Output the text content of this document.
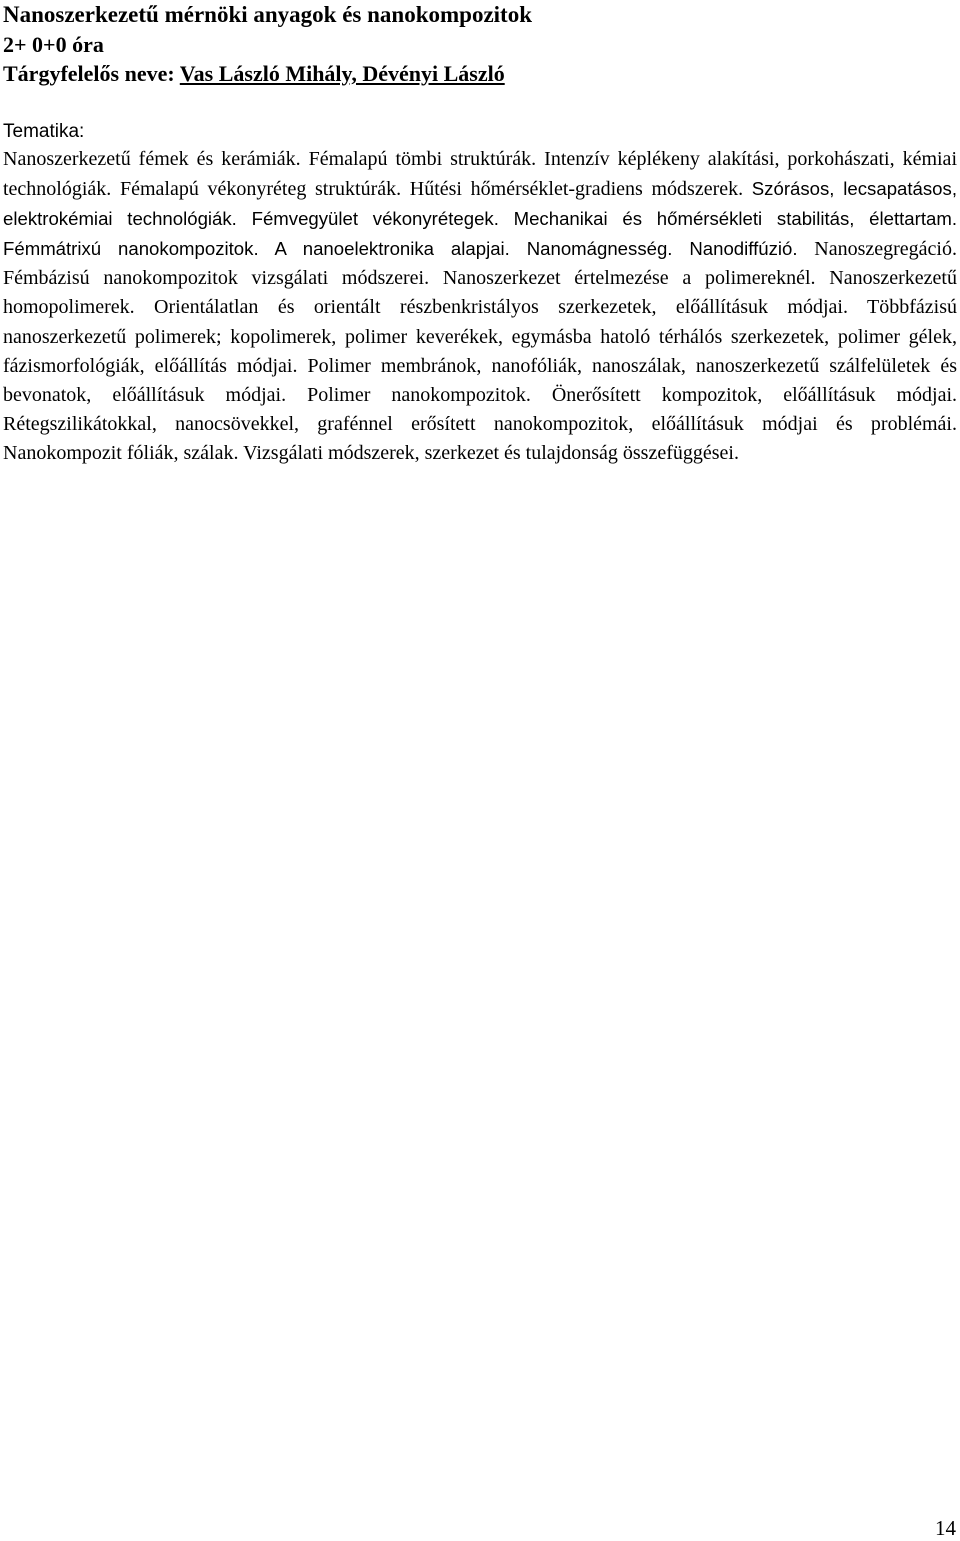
Nanoszerkezetű mérnöki anyagok és nanokompozitok
2+ 0+0 óra
Tárgyfelelős neve: Vas László Mihály, Dévényi László
Tematika:

Nanoszerkezetű fémek és kerámiák. Fémalapú tömbi struktúrák. Intenzív képlékeny alakítási, porkohászati, kémiai technológiák. Fémalapú vékonyréteg struktúrák. Hűtési hőmérséklet-gradiens módszerek. Szórásos, lecsapatásos, elektrokémiai technológiák. Fémvegyület vékonyrétegek. Mechanikai és hőmérsékleti stabilitás, élettartam. Fémmátrixú nanokompozitok. A nanoelektronika alapjai. Nanomágnesség. Nanodiffúzió. Nanoszegregáció. Fémbázisú nanokompozitok vizsgálati módszerei. Nanoszerkezet értelmezése a polimereknél. Nanoszerkezetű homopolimerek. Orientálatlan és orientált részbenkristályos szerkezetek, előállításuk módjai. Többfázisú nanoszerkezetű polimerek; kopolimerek, polimer keverékek, egymásba hatoló térhálós szerkezetek, polimer gélek, fázismorfológiák, előállítás módjai. Polimer membránok, nanofóliák, nanoszálak, nanoszerkezetű szálfelületek és bevonatok, előállításuk módjai. Polimer nanokompozitok. Önerősített kompozitok, előállításuk módjai. Rétegszilikátokkal, nanocsövekkel, grafénnel erősített nanokompozitok, előállításuk módjai és problémái. Nanokompozit fóliák, szálak. Vizsgálati módszerek, szerkezet és tulajdonság összefüggései.

14
